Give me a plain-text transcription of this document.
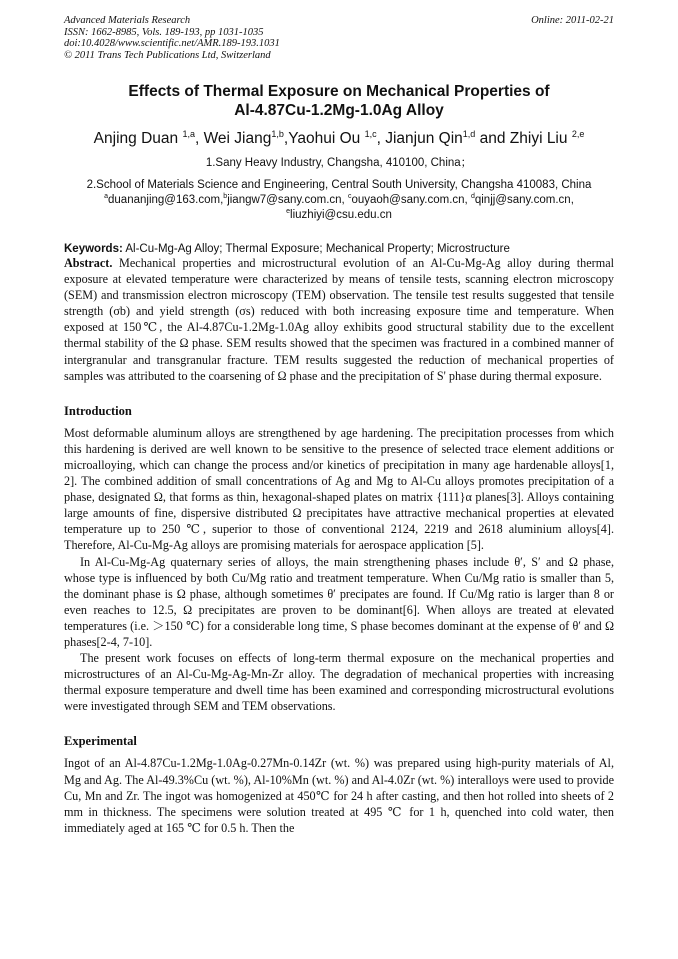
Advanced Materials Research
ISSN: 1662-8985, Vols. 189-193, pp 1031-1035
doi:10.4028/www.scientific.net/AMR.189-193.1031
© 2011 Trans Tech Publications Ltd, Switzerland
Online: 2011-02-21
Effects of Thermal Exposure on Mechanical Properties of
Al-4.87Cu-1.2Mg-1.0Ag Alloy
Anjing Duan $^{1,a}$, Wei Jiang$^{1,b}$,Yaohui Ou $^{1,c}$, Jianjun Qin$^{1,d}$ and Zhiyi Liu $^{2,e}$
1.Sany Heavy Industry, Changsha, 410100, China；
2.School of Materials Science and Engineering, Central South University, Changsha 410083, China
$^a$duananjing@163.com,$^b$jiangw7@sany.com.cn, $^c$ouyaoh@sany.com.cn, $^d$qinjj@sany.com.cn,
$^e$liuzhiyi@csu.edu.cn
Keywords: Al-Cu-Mg-Ag Alloy; Thermal Exposure; Mechanical Property; Microstructure

Abstract. Mechanical properties and microstructural evolution of an Al-Cu-Mg-Ag alloy during thermal exposure at elevated temperature were characterized by means of tensile tests, scanning electron microscopy (SEM) and transmission electron microscopy (TEM) observation. The tensile test results suggested that tensile strength (σb) and yield strength (σs) reduced with both increasing exposure time and temperature. When exposed at 150℃, the Al-4.87Cu-1.2Mg-1.0Ag alloy exhibits good structural stability due to the excellent thermal stability of the Ω phase. SEM results showed that the specimen was fractured in a combined manner of intergranular and transgranular fracture. TEM results suggested the reduction of mechanical properties of samples was attributed to the coarsening of Ω phase and the precipitation of S' phase during thermal exposure.

Introduction

Most deformable aluminum alloys are strengthened by age hardening. The precipitation processes from which this hardening is derived are well known to be sensitive to the presence of selected trace element additions or microalloying, which can change the process and/or kinetics of precipitation in many age hardenable alloys[1, 2]. The combined addition of small concentrations of Ag and Mg to Al-Cu alloys promotes precipitation of a phase, designated Ω, that forms as thin, hexagonal-shaped plates on matrix {111}α planes[3]. Alloys containing large amounts of fine, dispersive distributed Ω precipitates have attractive mechanical properties at elevated temperature up to 250 ℃, superior to those of conventional 2124, 2219 and 2618 aluminium alloys[4]. Therefore, Al-Cu-Mg-Ag alloys are promising materials for aerospace application [5].

In Al-Cu-Mg-Ag quaternary series of alloys, the main strengthening phases include θ′, S′ and Ω phase, whose type is influenced by both Cu/Mg ratio and treatment temperature. When Cu/Mg ratio is smaller than 5, the dominant phase is Ω phase, although sometimes θ′ precipates are found. If Cu/Mg ratio is larger than 8 or even reaches to 12.5, Ω precipitates are proven to be dominant[6]. When alloys are treated at elevated temperatures (i.e. ＞150 ℃) for a considerable long time, S phase becomes dominant at the expense of θ′ and Ω phases[2-4, 7-10].

The present work focuses on effects of long-term thermal exposure on the mechanical properties and microstructures of an Al-Cu-Mg-Ag-Mn-Zr alloy. The degradation of mechanical properties with increasing thermal exposure temperature and dwell time has been examined and corresponding microstructural evolutions were investigated through SEM and TEM observations.

Experimental

Ingot of an Al-4.87Cu-1.2Mg-1.0Ag-0.27Mn-0.14Zr (wt. %) was prepared using high-purity materials of Al, Mg and Ag. The Al-49.3%Cu (wt. %), Al-10%Mn (wt. %) and Al-4.0Zr (wt. %) interalloys were used to provide Cu, Mn and Zr. The ingot was homogenized at 450℃ for 24 h after casting, and then hot rolled into sheets of 2 mm in thickness. The specimens were solution treated at 495 ℃ for 1 h, quenched into cold water, then immediately aged at 165 ℃ for 0.5 h. Then the
